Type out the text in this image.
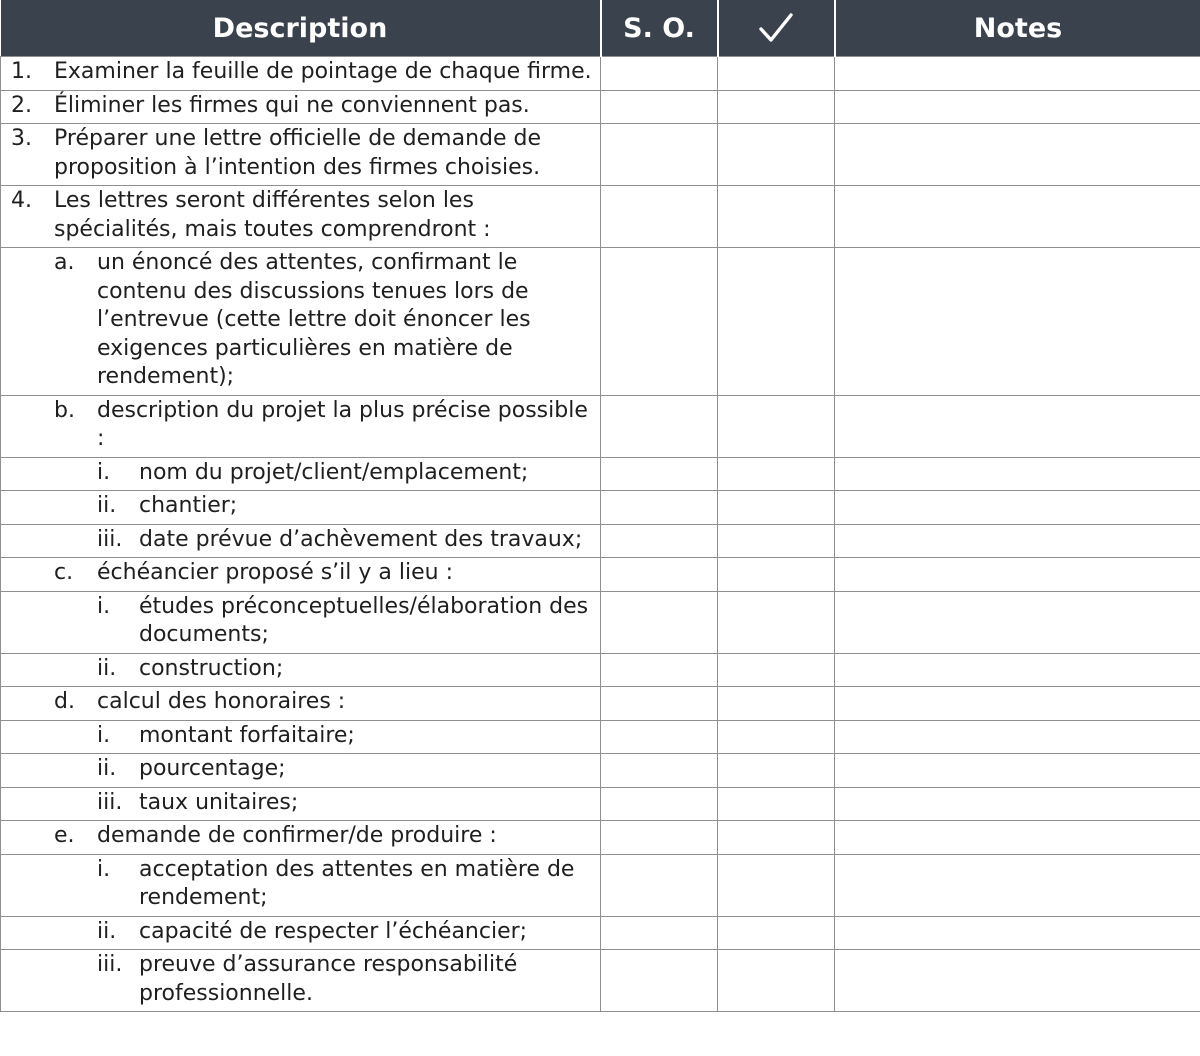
Description	S. O.		Notes

1. Examiner la feuille de pointage de chaque firme.			

2. Éliminer les firmes qui ne conviennent pas.			

3. Préparer une lettre officielle de demande de proposition à l’intention des firmes choisies.			

4. Les lettres seront différentes selon les spécialités, mais toutes comprendront :			

a. un énoncé des attentes, confirmant le contenu des discussions tenues lors de l’entrevue (cette lettre doit énoncer les exigences particulières en matière de rendement);			

b. description du projet la plus précise possible :			

i. nom du projet/client/emplacement;			

ii. chantier;			

iii. date prévue d’achèvement des travaux;			

c. échéancier proposé s’il y a lieu :			

i. études préconceptuelles/élaboration des documents;			

ii. construction;			

d. calcul des honoraires :			

i. montant forfaitaire;			

ii. pourcentage;			

iii. taux unitaires;			

e. demande de confirmer/de produire :			

i. acceptation des attentes en matière de rendement;			

ii. capacité de respecter l’échéancier;			

iii. preuve d’assurance responsabilité professionnelle.			
